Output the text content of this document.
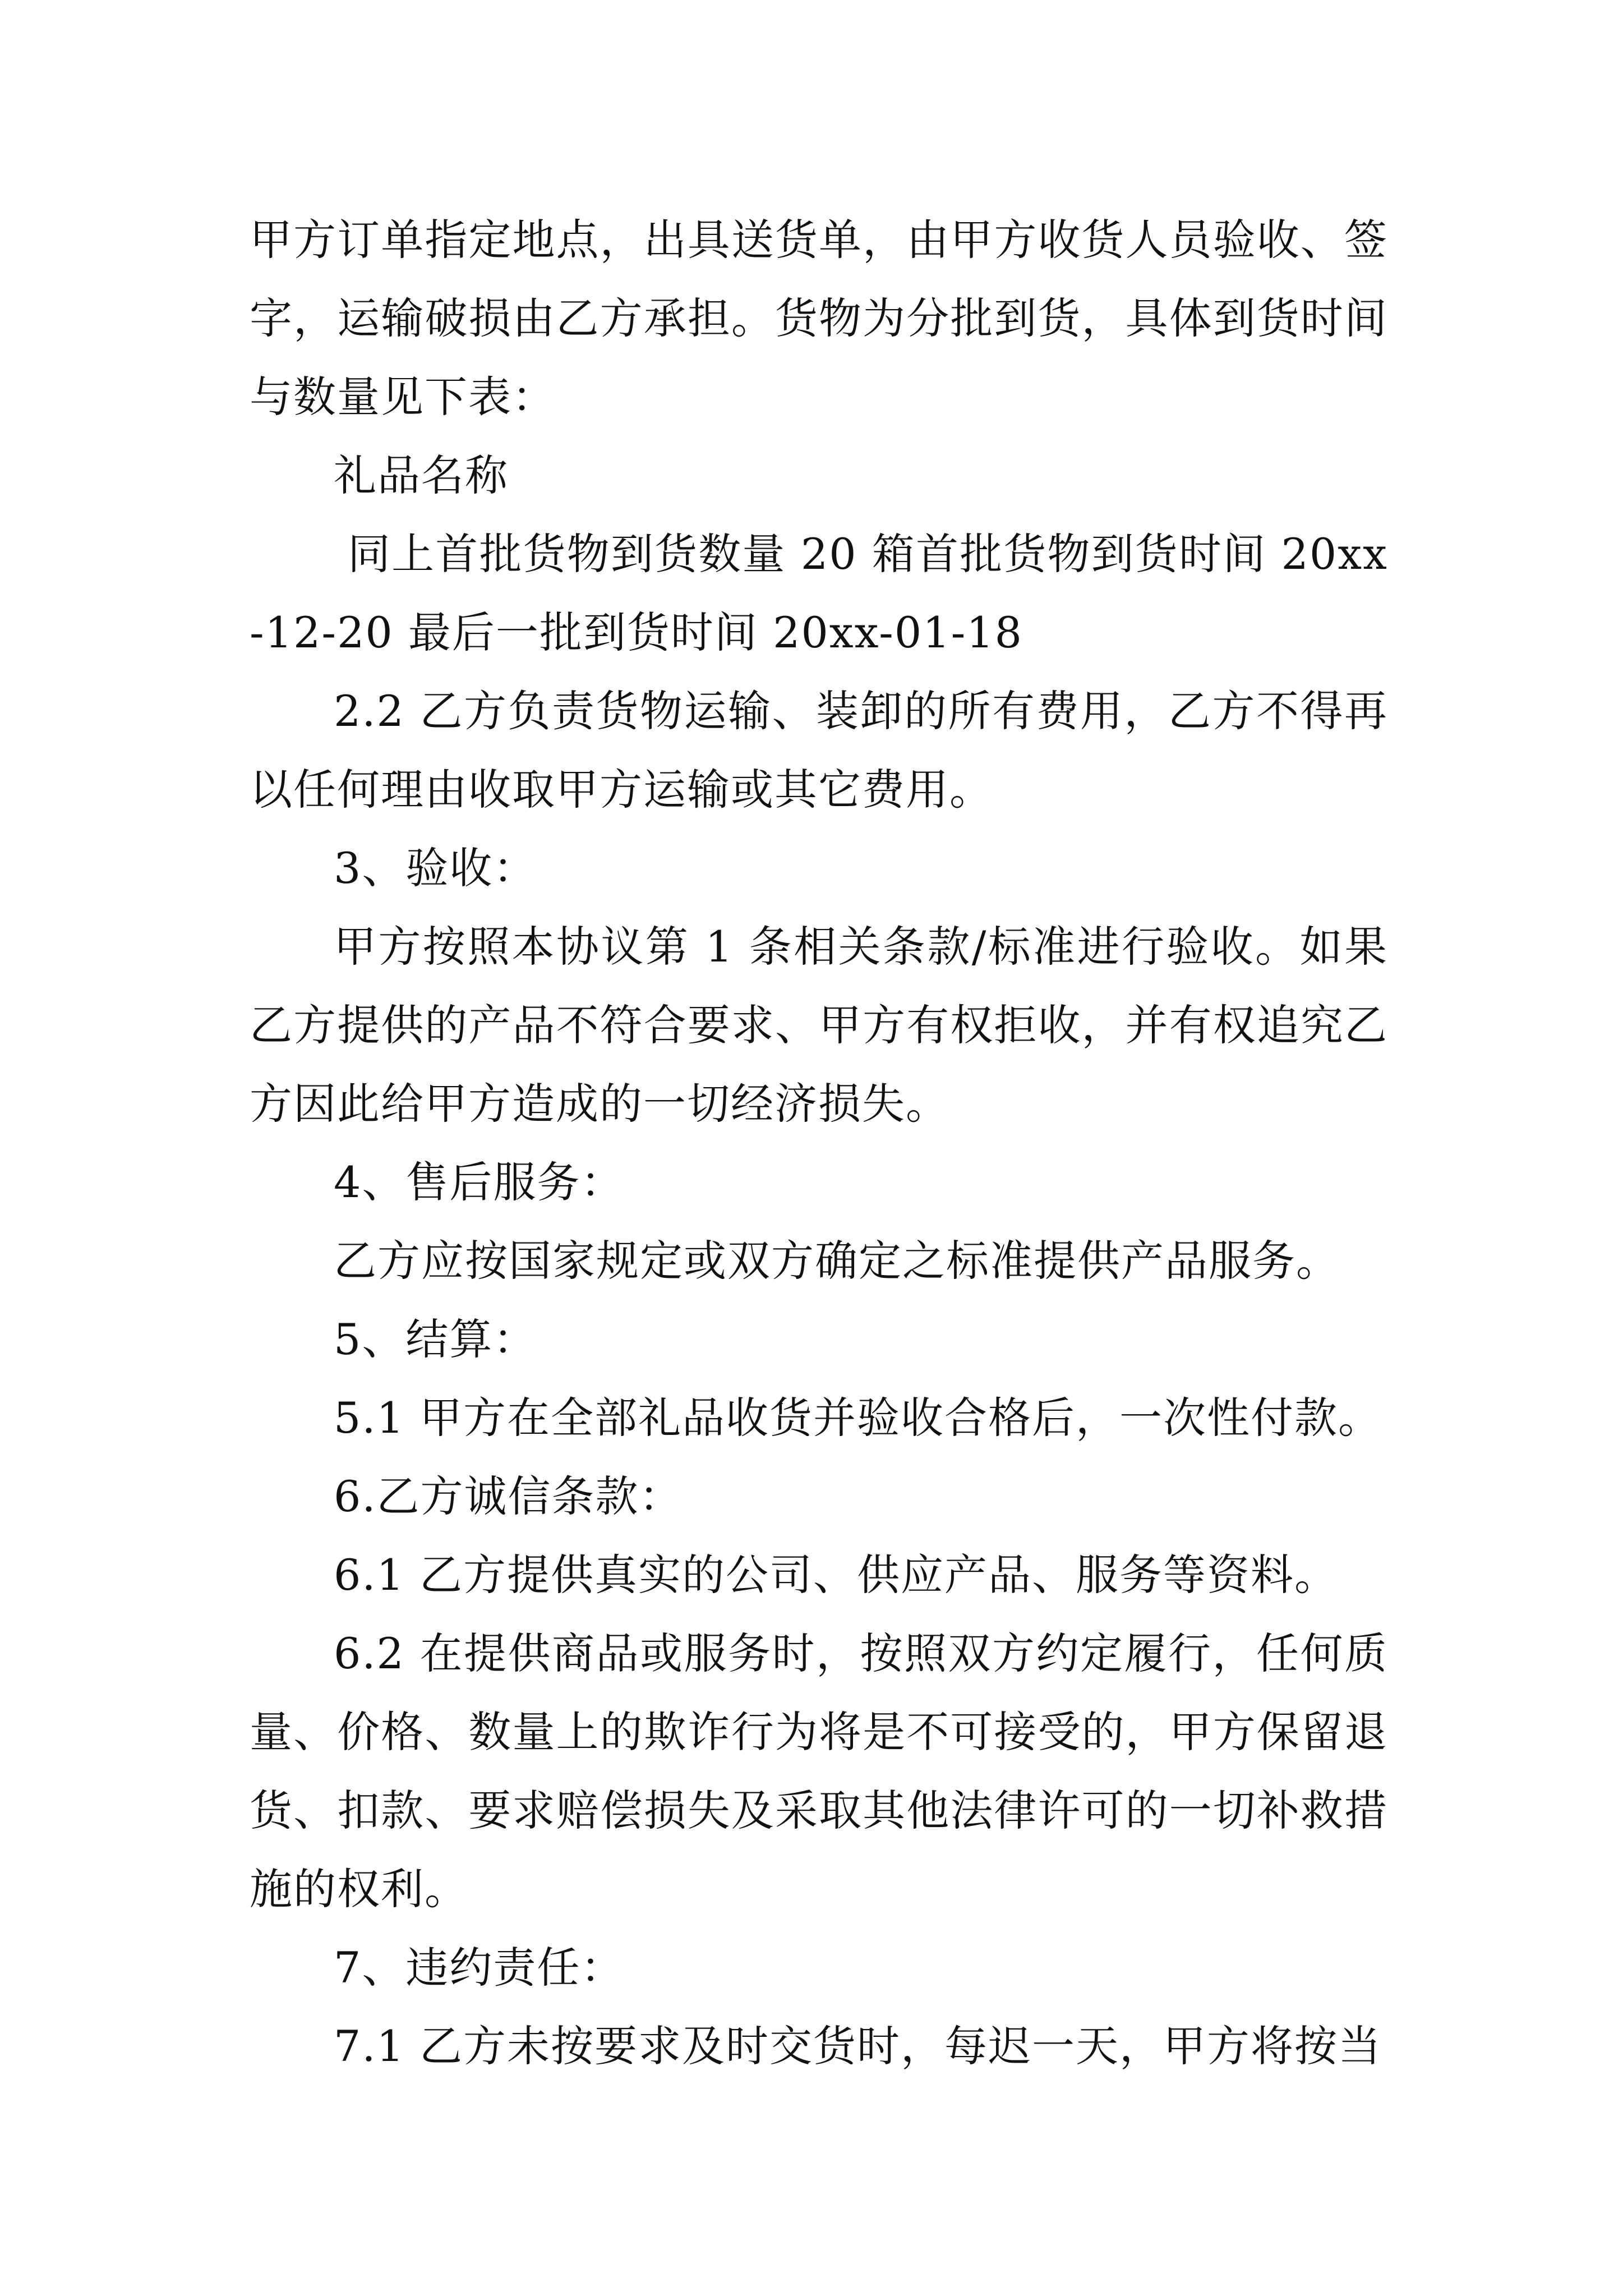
甲方订单指定地点，出具送货单，由甲方收货人员验收、签字，运输破损由乙方承担。货物为分批到货，具体到货时间与数量见下表：

礼品名称

同上首批货物到货数量 20 箱首批货物到货时间 20xx-12-20 最后一批到货时间 20xx-01-18

2.2 乙方负责货物运输、装卸的所有费用，乙方不得再以任何理由收取甲方运输或其它费用。

3、验收：

甲方按照本协议第 1 条相关条款/标准进行验收。如果乙方提供的产品不符合要求、甲方有权拒收，并有权追究乙方因此给甲方造成的一切经济损失。

4、售后服务：

乙方应按国家规定或双方确定之标准提供产品服务。

5、结算：

5.1 甲方在全部礼品收货并验收合格后，一次性付款。

6.乙方诚信条款：

6.1 乙方提供真实的公司、供应产品、服务等资料。

6.2 在提供商品或服务时，按照双方约定履行，任何质量、价格、数量上的欺诈行为将是不可接受的，甲方保留退货、扣款、要求赔偿损失及采取其他法律许可的一切补救措施的权利。

7、违约责任：

7.1 乙方未按要求及时交货时，每迟一天，甲方将按当
